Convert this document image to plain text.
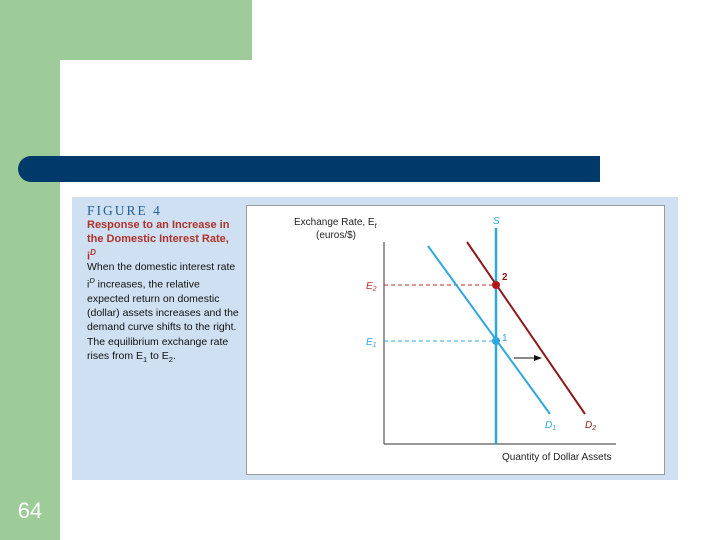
64
FIGURE 4
Response to an Increase in the Domestic Interest Rate, $i^D$
When the domestic interest rate $i^D$ increases, the relative expected return on domestic (dollar) assets increases and the demand curve shifts to the right. The equilibrium exchange rate rises from $E_1$ to $E_2$.
Exchange Rate, $E_t$
(euros/$)
Quantity of Dollar Assets
$E_2$
$E_1$
S
$D_1$	$D_2$
2
1
